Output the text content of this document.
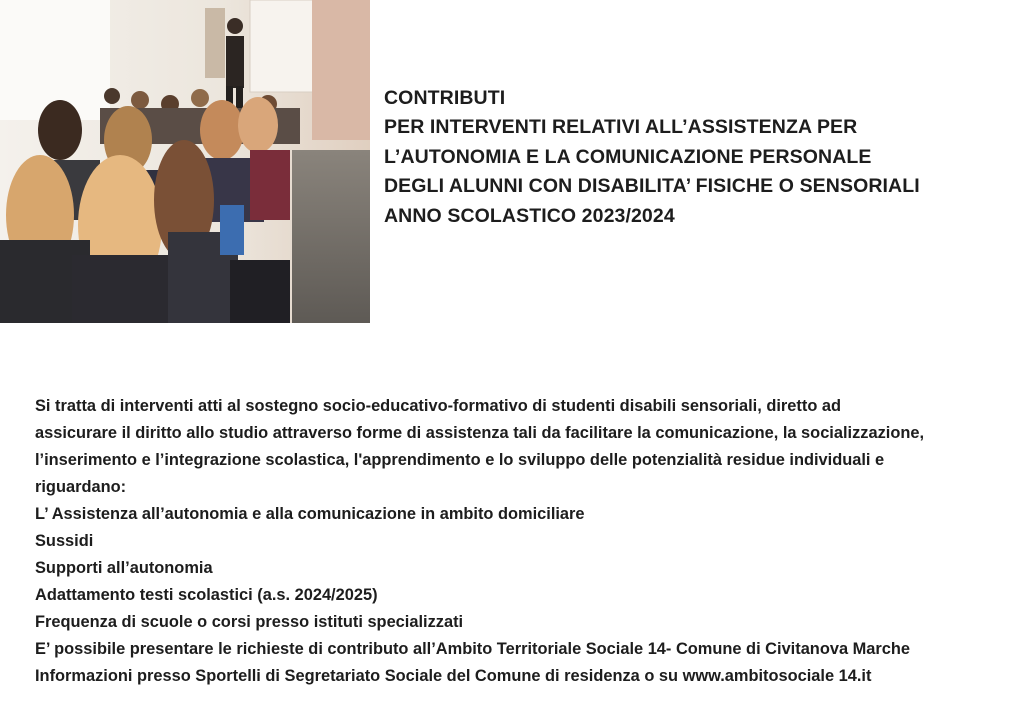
CONTRIBUTI
PER INTERVENTI RELATIVI ALL’ASSISTENZA PER
L’AUTONOMIA E LA COMUNICAZIONE PERSONALE
DEGLI ALUNNI CON DISABILITA’ FISICHE O SENSORIALI
ANNO SCOLASTICO 2023/2024
Si tratta di interventi atti al sostegno socio-educativo-formativo di studenti disabili sensoriali, diretto ad
assicurare il diritto allo studio attraverso forme di assistenza tali da facilitare la comunicazione, la socializzazione,
l’inserimento e l’integrazione scolastica, l'apprendimento e lo sviluppo delle potenzialità residue individuali e
riguardano:
L’ Assistenza all’autonomia e alla comunicazione in ambito domiciliare
Sussidi
Supporti all’autonomia
Adattamento testi scolastici (a.s. 2024/2025)
Frequenza di scuole o corsi presso istituti specializzati
E’ possibile presentare le richieste di contributo all’Ambito Territoriale Sociale 14- Comune di Civitanova Marche
Informazioni presso Sportelli di Segretariato Sociale del Comune di residenza o su www.ambitosociale 14.it
